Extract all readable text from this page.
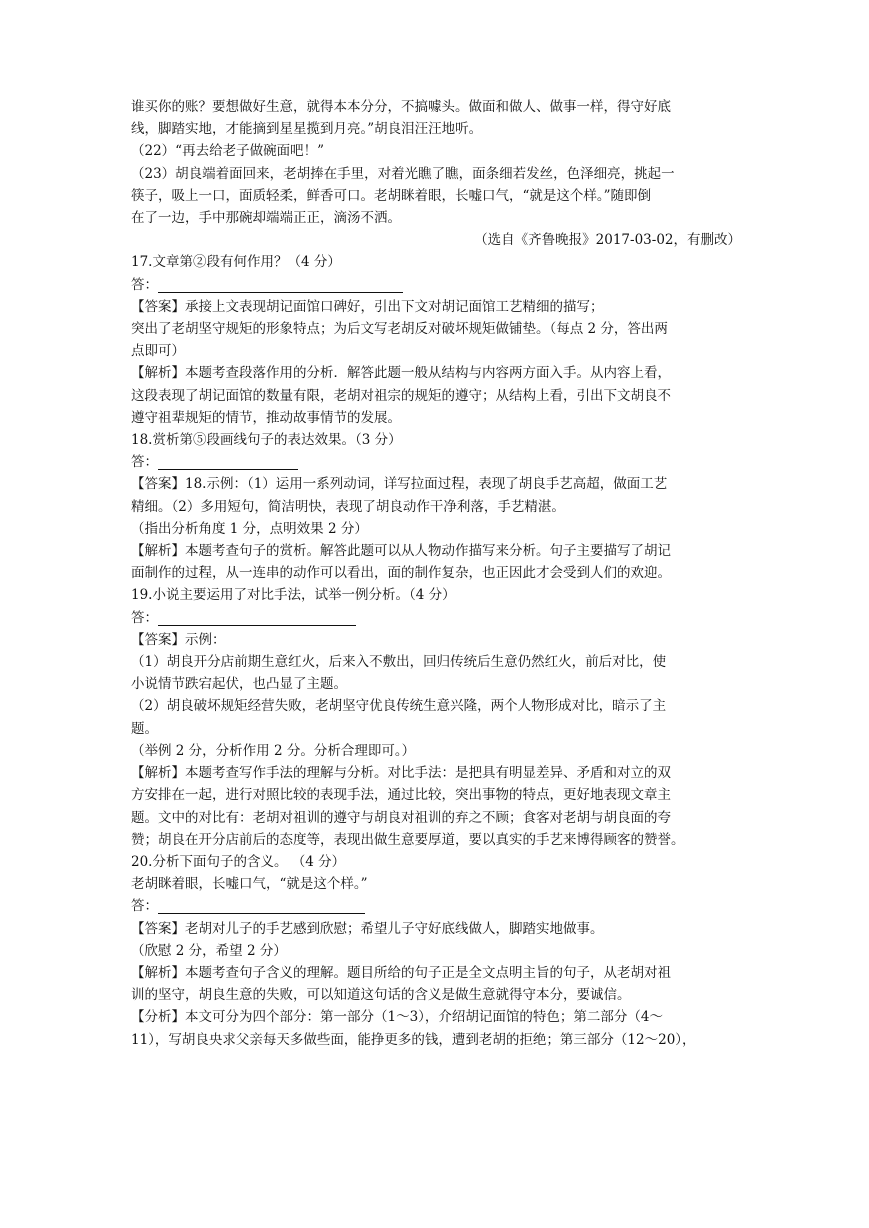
谁买你的账？要想做好生意，就得本本分分，不搞噱头。做面和做人、做事一样，得守好底

线，脚踏实地，才能摘到星星揽到月亮。”胡良泪汪汪地听。

（22）“再去给老子做碗面吧！”

（23）胡良端着面回来，老胡捧在手里，对着光瞧了瞧，面条细若发丝，色泽细亮，挑起一

筷子，吸上一口，面质轻柔，鲜香可口。老胡眯着眼，长嘘口气，“就是这个样。”随即倒

在了一边，手中那碗却端端正正，滴汤不洒。

（选自《齐鲁晚报》2017-03-02，有删改）

17.文章第②段有何作用？（4 分）

答：

【答案】承接上文表现胡记面馆口碑好，引出下文对胡记面馆工艺精细的描写；

突出了老胡坚守规矩的形象特点；为后文写老胡反对破坏规矩做铺垫。（每点 2 分，答出两

点即可）

【解析】本题考查段落作用的分析．解答此题一般从结构与内容两方面入手。从内容上看，

这段表现了胡记面馆的数量有限，老胡对祖宗的规矩的遵守；从结构上看，引出下文胡良不

遵守祖辈规矩的情节，推动故事情节的发展。

18.赏析第⑤段画线句子的表达效果。（3 分）

答：

【答案】18.示例：（1）运用一系列动词，详写拉面过程，表现了胡良手艺高超，做面工艺

精细。（2）多用短句，简洁明快，表现了胡良动作干净利落，手艺精湛。

（指出分析角度 1 分，点明效果 2 分）

【解析】本题考查句子的赏析。解答此题可以从人物动作描写来分析。句子主要描写了胡记

面制作的过程，从一连串的动作可以看出，面的制作复杂，也正因此才会受到人们的欢迎。

19.小说主要运用了对比手法，试举一例分析。（4 分）

答：

【答案】示例：

（1）胡良开分店前期生意红火，后来入不敷出，回归传统后生意仍然红火，前后对比，使

小说情节跌宕起伏，也凸显了主题。

（2）胡良破坏规矩经营失败，老胡坚守优良传统生意兴隆，两个人物形成对比，暗示了主

题。

（举例 2 分，分析作用 2 分。分析合理即可。）

【解析】本题考查写作手法的理解与分析。对比手法：是把具有明显差异、矛盾和对立的双

方安排在一起，进行对照比较的表现手法，通过比较，突出事物的特点，更好地表现文章主

题。文中的对比有：老胡对祖训的遵守与胡良对祖训的弃之不顾；食客对老胡与胡良面的夸

赞；胡良在开分店前后的态度等，表现出做生意要厚道，要以真实的手艺来博得顾客的赞誉。

20.分析下面句子的含义。 （4 分）

老胡眯着眼，长嘘口气，“就是这个样。”

答：

【答案】老胡对儿子的手艺感到欣慰；希望儿子守好底线做人，脚踏实地做事。

（欣慰 2 分，希望 2 分）

【解析】本题考查句子含义的理解。题目所给的句子正是全文点明主旨的句子，从老胡对祖

训的坚守，胡良生意的失败，可以知道这句话的含义是做生意就得守本分，要诚信。

【分析】本文可分为四个部分：第一部分（1～3），介绍胡记面馆的特色；第二部分（4～

11），写胡良央求父亲每天多做些面，能挣更多的钱，遭到老胡的拒绝；第三部分（12～20），
